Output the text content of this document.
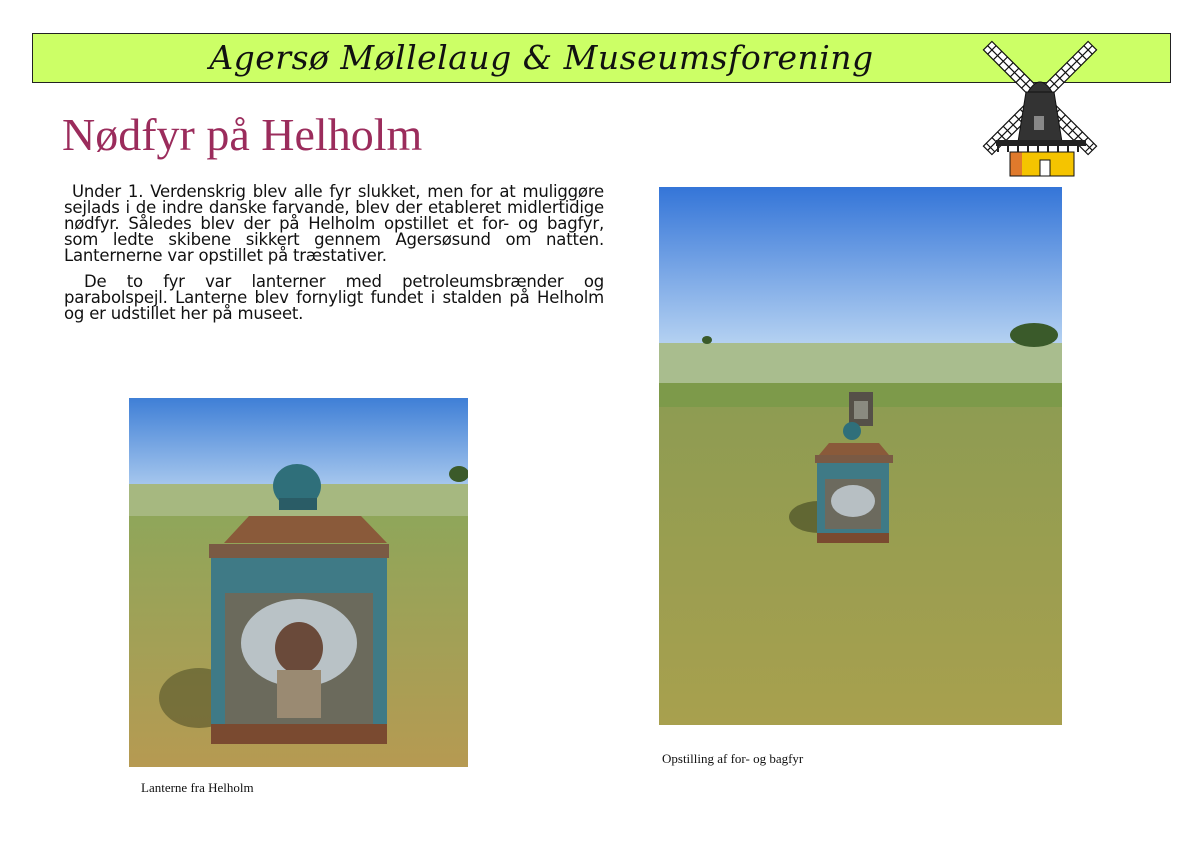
Agersø Møllelaug & Museumsforening
Nødfyr på Helholm

Under 1. Verdenskrig blev alle fyr slukket, men for at muliggøre sejlads i de indre danske farvande, blev der etableret midlertidige nødfyr. Således blev der på Helholm opstillet et for- og bagfyr, som ledte skibene sikkert gennem Agersøsund om natten. Lanternerne var opstillet på træstativer.

De to fyr var lanterner med petroleumsbrænder og parabolspejl. Lanterne blev fornyligt fundet i stalden på Helholm og er udstillet her på museet.

Lanterne fra Helholm
Opstilling af for- og bagfyr
